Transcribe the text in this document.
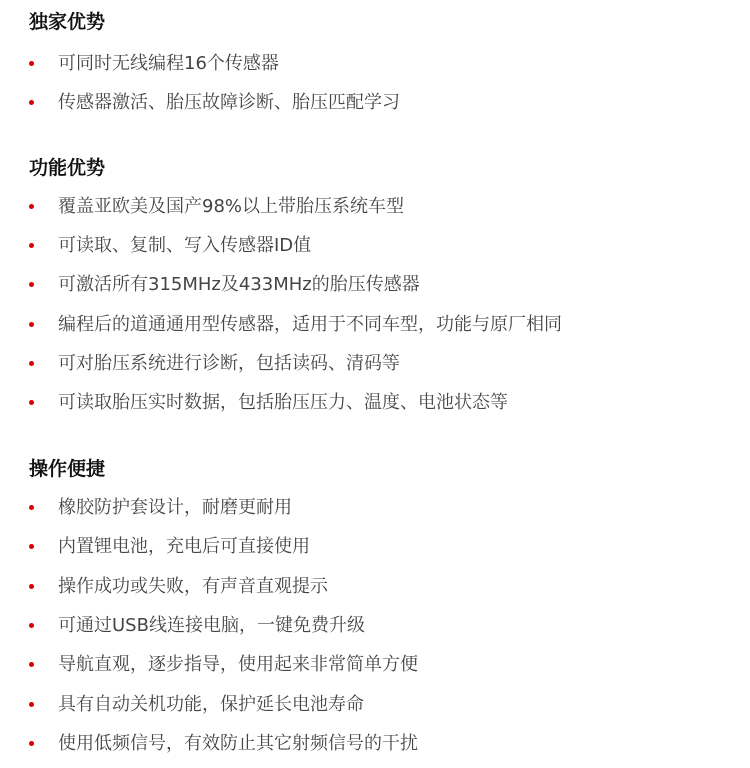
独家优势
可同时无线编程16个传感器
传感器激活、胎压故障诊断、胎压匹配学习
功能优势
覆盖亚欧美及国产98%以上带胎压系统车型
可读取、复制、写入传感器ID值
可激活所有315MHz及433MHz的胎压传感器
编程后的道通通用型传感器，适用于不同车型，功能与原厂相同
可对胎压系统进行诊断，包括读码、清码等
可读取胎压实时数据，包括胎压压力、温度、电池状态等
操作便捷
橡胶防护套设计，耐磨更耐用
内置锂电池，充电后可直接使用
操作成功或失败，有声音直观提示
可通过USB线连接电脑，一键免费升级
导航直观，逐步指导，使用起来非常简单方便
具有自动关机功能，保护延长电池寿命
使用低频信号，有效防止其它射频信号的干扰
